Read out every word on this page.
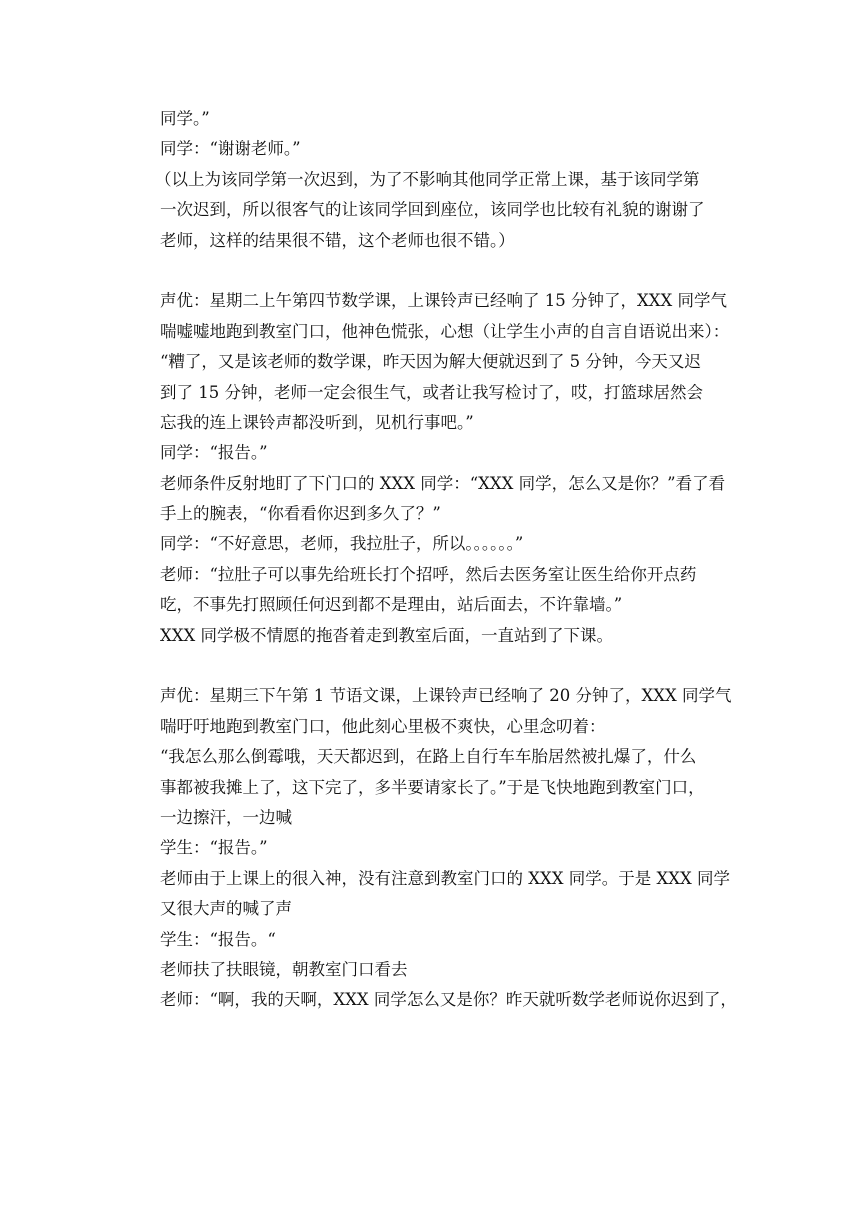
同学。”
同学：“谢谢老师。”
（以上为该同学第一次迟到，为了不影响其他同学正常上课，基于该同学第
一次迟到，所以很客气的让该同学回到座位，该同学也比较有礼貌的谢谢了
老师，这样的结果很不错，这个老师也很不错。）
声优：星期二上午第四节数学课，上课铃声已经响了 15 分钟了，XXX 同学气
喘嘘嘘地跑到教室门口，他神色慌张，心想（让学生小声的自言自语说出来）：
“糟了，又是该老师的数学课，昨天因为解大便就迟到了 5 分钟，今天又迟
到了 15 分钟，老师一定会很生气，或者让我写检讨了，哎，打篮球居然会
忘我的连上课铃声都没听到，见机行事吧。”
同学：“报告。”
老师条件反射地盯了下门口的 XXX 同学：“XXX 同学，怎么又是你？”看了看
手上的腕表，“你看看你迟到多久了？”
同学：“不好意思，老师，我拉肚子，所以。。。。。。”
老师：“拉肚子可以事先给班长打个招呼，然后去医务室让医生给你开点药
吃，不事先打照顾任何迟到都不是理由，站后面去，不许靠墙。”
XXX 同学极不情愿的拖沓着走到教室后面，一直站到了下课。
声优：星期三下午第 1 节语文课，上课铃声已经响了 20 分钟了，XXX 同学气
喘吁吁地跑到教室门口，他此刻心里极不爽快，心里念叨着：
“我怎么那么倒霉哦，天天都迟到，在路上自行车车胎居然被扎爆了，什么
事都被我摊上了，这下完了，多半要请家长了。”于是飞快地跑到教室门口，
一边擦汗，一边喊
学生：“报告。”
老师由于上课上的很入神，没有注意到教室门口的 XXX 同学。于是 XXX 同学
又很大声的喊了声
学生：“报告。“
老师扶了扶眼镜，朝教室门口看去
老师：“啊，我的天啊，XXX 同学怎么又是你？昨天就听数学老师说你迟到了，
